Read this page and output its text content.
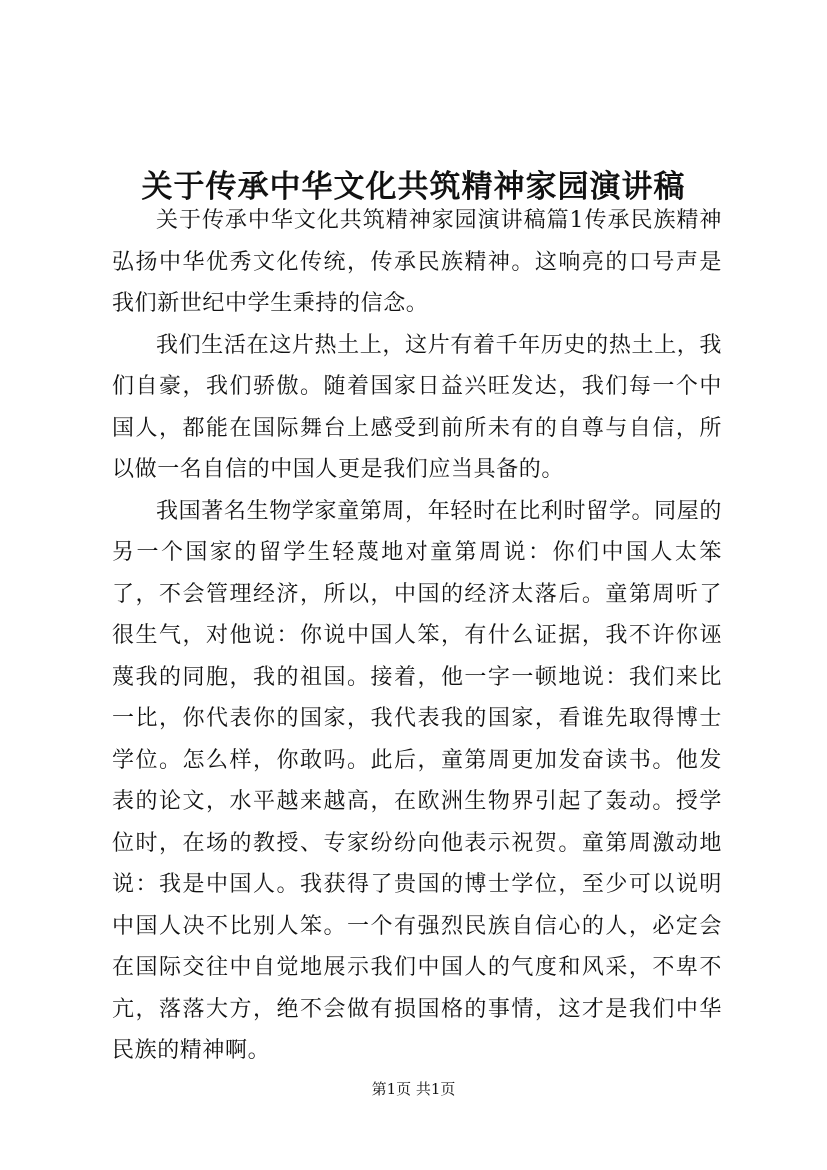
关于传承中华文化共筑精神家园演讲稿

关于传承中华文化共筑精神家园演讲稿篇1传承民族精神弘扬中华优秀文化传统，传承民族精神。这响亮的口号声是我们新世纪中学生秉持的信念。

我们生活在这片热土上，这片有着千年历史的热土上，我们自豪，我们骄傲。随着国家日益兴旺发达，我们每一个中国人，都能在国际舞台上感受到前所未有的自尊与自信，所以做一名自信的中国人更是我们应当具备的。

我国著名生物学家童第周，年轻时在比利时留学。同屋的另一个国家的留学生轻蔑地对童第周说：你们中国人太笨了，不会管理经济，所以，中国的经济太落后。童第周听了很生气，对他说：你说中国人笨，有什么证据，我不许你诬蔑我的同胞，我的祖国。接着，他一字一顿地说：我们来比一比，你代表你的国家，我代表我的国家，看谁先取得博士学位。怎么样，你敢吗。此后，童第周更加发奋读书。他发表的论文，水平越来越高，在欧洲生物界引起了轰动。授学位时，在场的教授、专家纷纷向他表示祝贺。童第周激动地说：我是中国人。我获得了贵国的博士学位，至少可以说明中国人决不比别人笨。一个有强烈民族自信心的人，必定会在国际交往中自觉地展示我们中国人的气度和风采，不卑不亢，落落大方，绝不会做有损国格的事情，这才是我们中华民族的精神啊。

第1页 共1页
